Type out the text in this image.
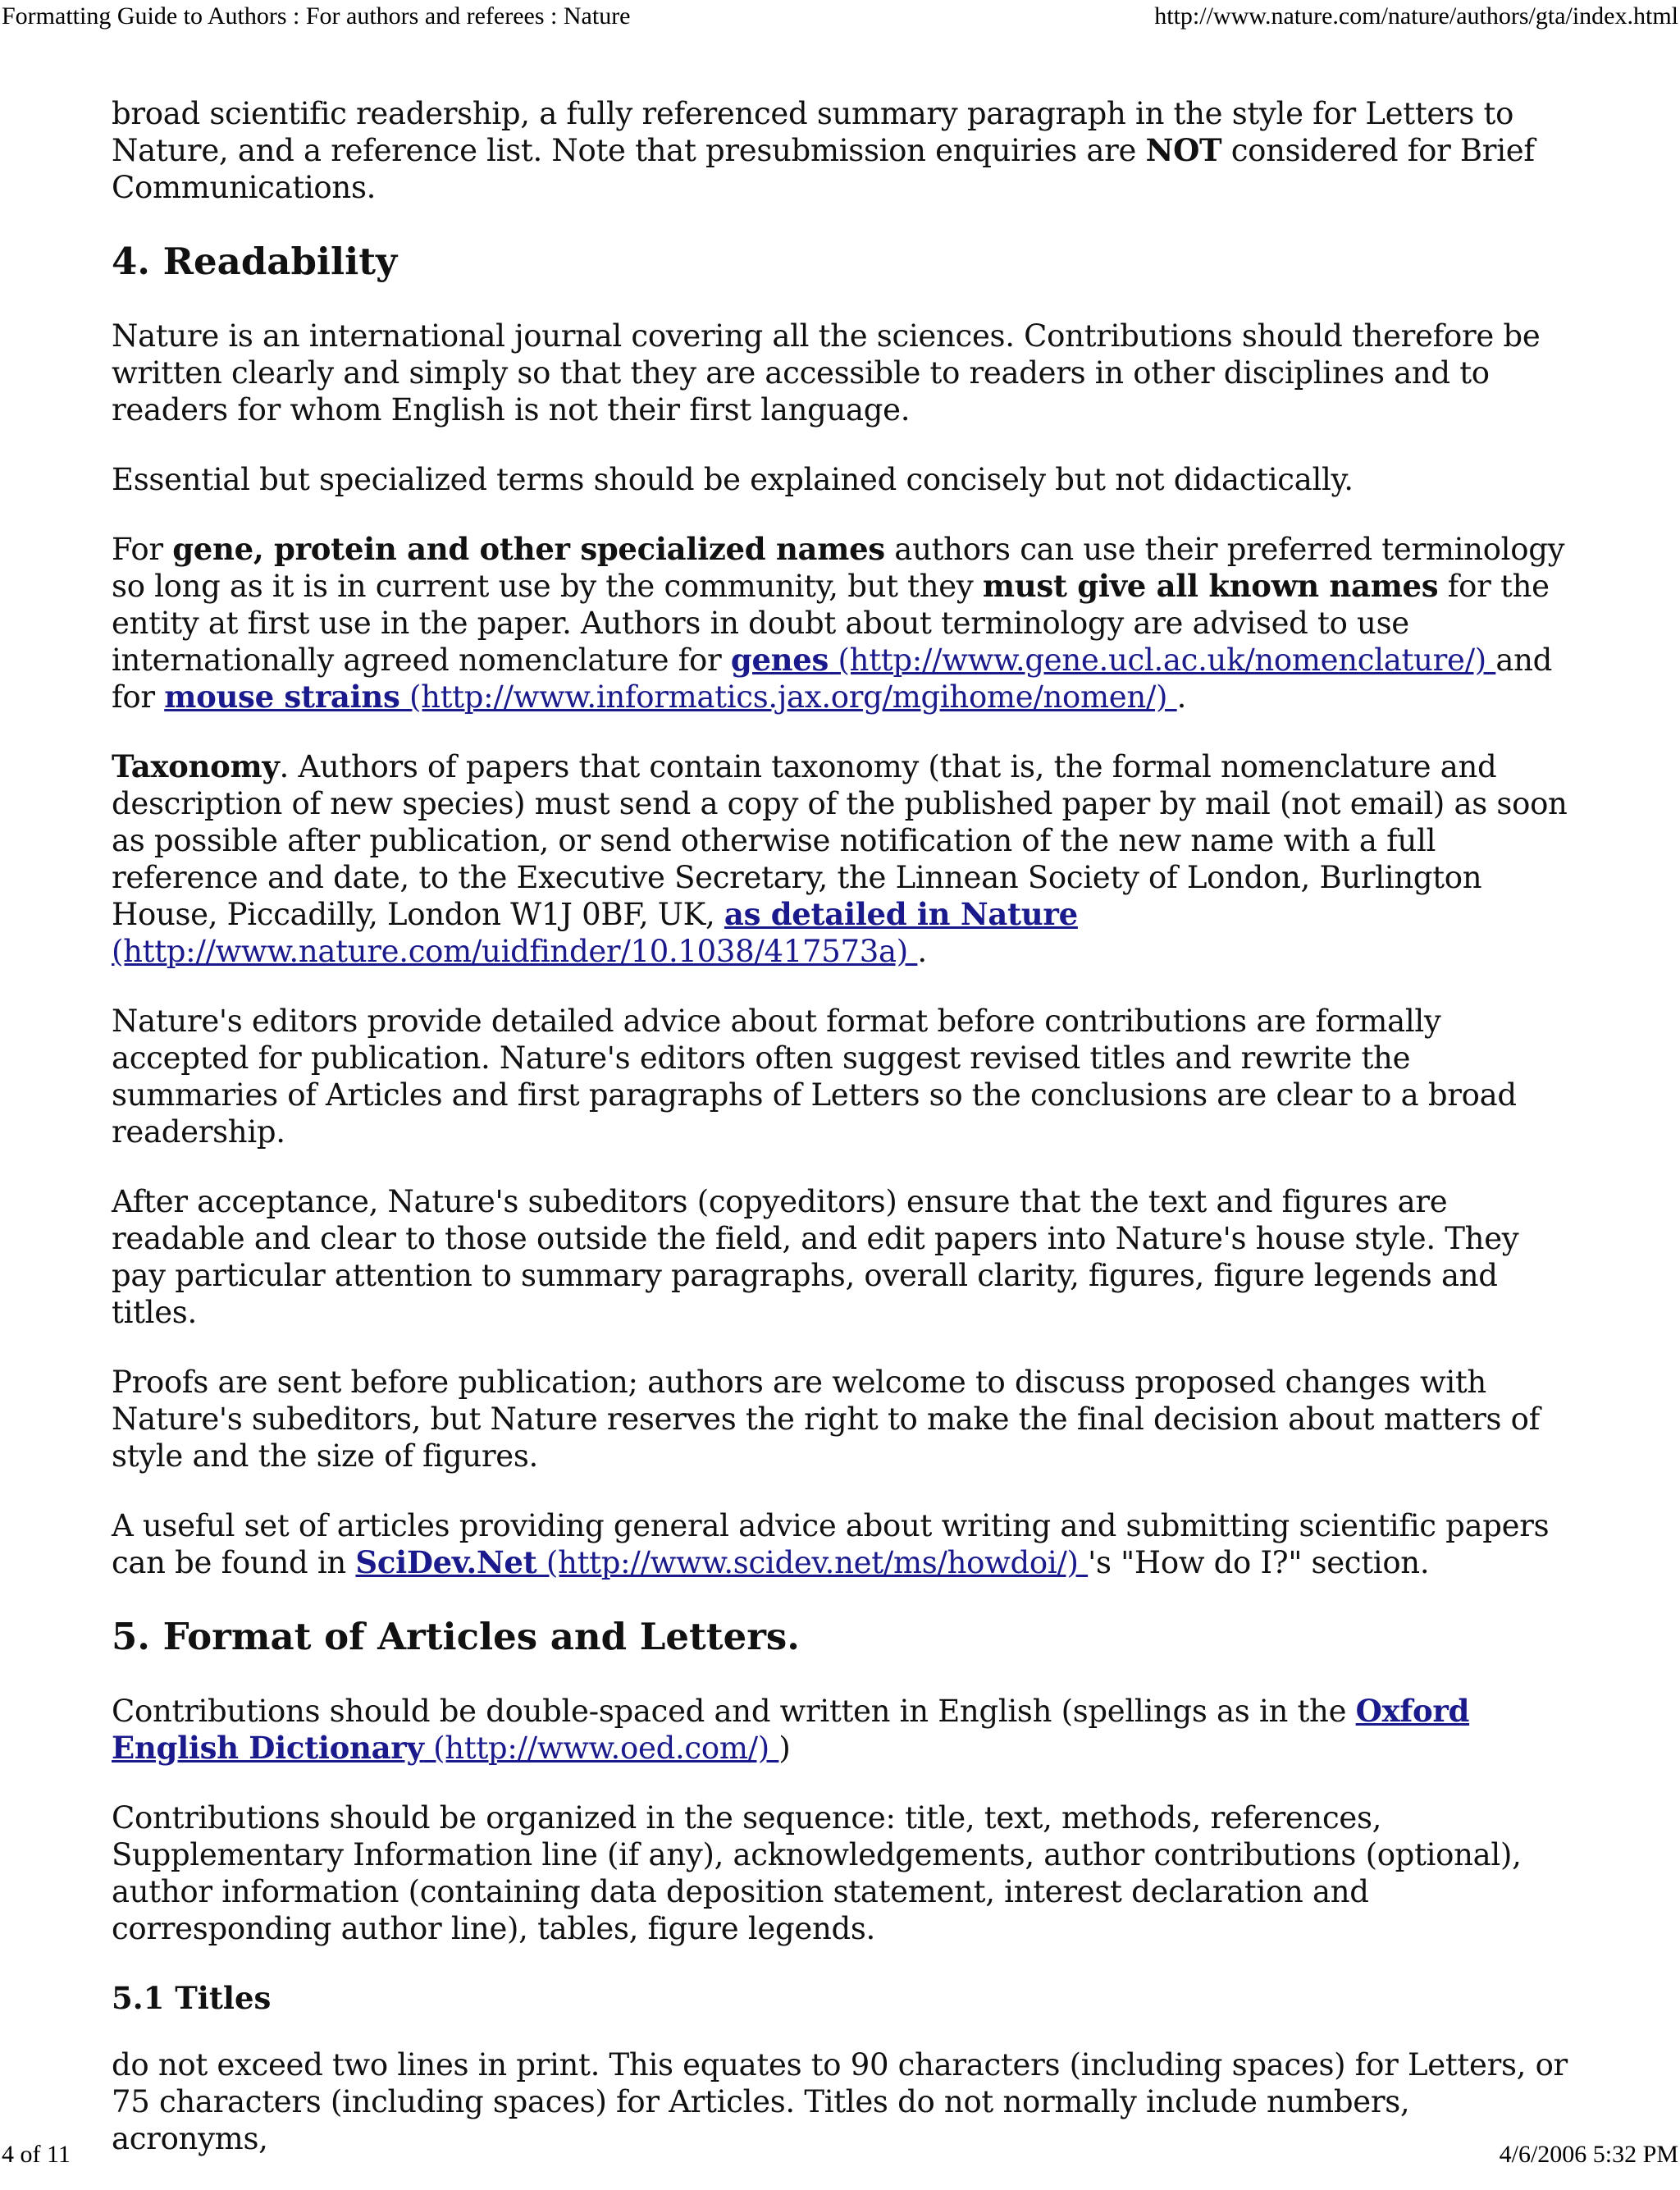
Formatting Guide to Authors : For authors and referees : Nature	http://www.nature.com/nature/authors/gta/index.html

broad scientific readership, a fully referenced summary paragraph in the style for Letters to Nature, and a reference list. Note that presubmission enquiries are NOT considered for Brief Communications.

4. Readability

Nature is an international journal covering all the sciences. Contributions should therefore be written clearly and simply so that they are accessible to readers in other disciplines and to readers for whom English is not their first language.

Essential but specialized terms should be explained concisely but not didactically.

For gene, protein and other specialized names authors can use their preferred terminology so long as it is in current use by the community, but they must give all known names for the entity at first use in the paper. Authors in doubt about terminology are advised to use internationally agreed nomenclature for genes (http://www.gene.ucl.ac.uk/nomenclature/) and for mouse strains (http://www.informatics.jax.org/mgihome/nomen/) .

Taxonomy. Authors of papers that contain taxonomy (that is, the formal nomenclature and description of new species) must send a copy of the published paper by mail (not email) as soon as possible after publication, or send otherwise notification of the new name with a full reference and date, to the Executive Secretary, the Linnean Society of London, Burlington House, Piccadilly, London W1J 0BF, UK, as detailed in Nature
(http://www.nature.com/uidfinder/10.1038/417573a) .

Nature's editors provide detailed advice about format before contributions are formally accepted for publication. Nature's editors often suggest revised titles and rewrite the summaries of Articles and first paragraphs of Letters so the conclusions are clear to a broad readership.

After acceptance, Nature's subeditors (copyeditors) ensure that the text and figures are readable and clear to those outside the field, and edit papers into Nature's house style. They pay particular attention to summary paragraphs, overall clarity, figures, figure legends and titles.

Proofs are sent before publication; authors are welcome to discuss proposed changes with Nature's subeditors, but Nature reserves the right to make the final decision about matters of style and the size of figures.

A useful set of articles providing general advice about writing and submitting scientific papers can be found in SciDev.Net (http://www.scidev.net/ms/howdoi/) 's "How do I?" section.

5. Format of Articles and Letters.

Contributions should be double-spaced and written in English (spellings as in the Oxford English Dictionary (http://www.oed.com/) )

Contributions should be organized in the sequence: title, text, methods, references, Supplementary Information line (if any), acknowledgements, author contributions (optional), author information (containing data deposition statement, interest declaration and corresponding author line), tables, figure legends.

5.1 Titles

do not exceed two lines in print. This equates to 90 characters (including spaces) for Letters, or 75 characters (including spaces) for Articles. Titles do not normally include numbers, acronyms,

4 of 11	4/6/2006 5:32 PM
